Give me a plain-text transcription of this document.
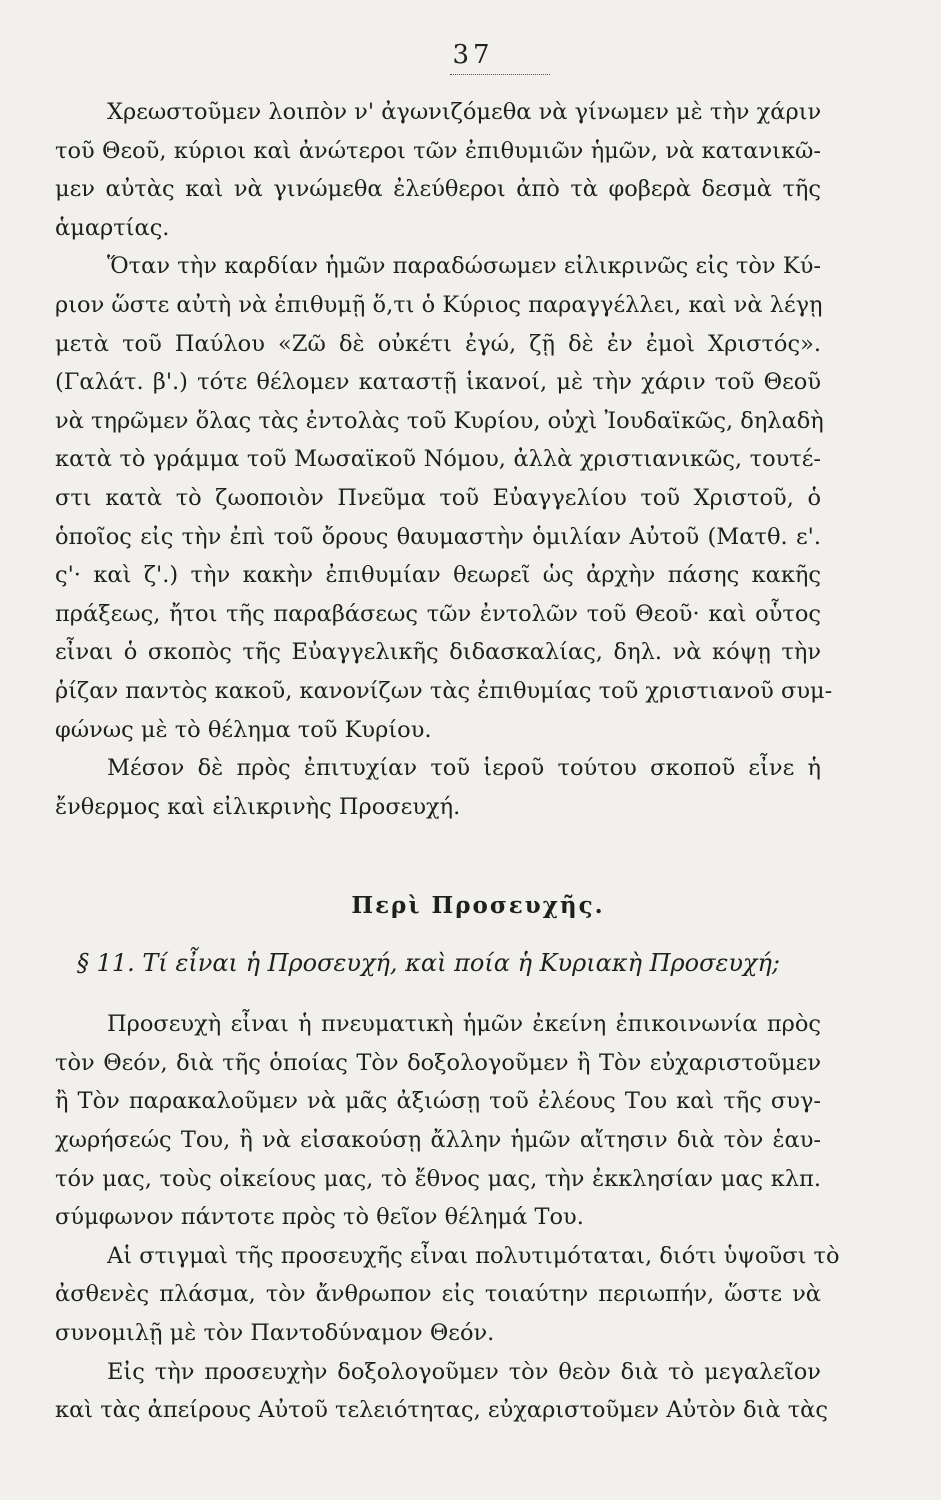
37
Χρεωστοῦμεν λοιπὸν ν' ἀγωνιζόμεθα νὰ γίνωμεν μὲ τὴν χάριν
τοῦ Θεοῦ, κύριοι καὶ ἀνώτεροι τῶν ἐπιθυμιῶν ἡμῶν, νὰ κατανικῶ-
μεν αὐτὰς καὶ νὰ γινώμεθα ἐλεύθεροι ἀπὸ τὰ φοβερὰ δεσμὰ τῆς
ἁμαρτίας.
Ὅταν τὴν καρδίαν ἡμῶν παραδώσωμεν εἰλικρινῶς εἰς τὸν Κύ-
ριον ὥστε αὐτὴ νὰ ἐπιθυμῇ ὅ,τι ὁ Κύριος παραγγέλλει, καὶ νὰ λέγῃ
μετὰ τοῦ Παύλου «Ζῶ δὲ οὐκέτι ἐγώ, ζῇ δὲ ἐν ἐμοὶ Χριστός».
(Γαλάτ. β'.) τότε θέλομεν καταστῇ ἱκανοί, μὲ τὴν χάριν τοῦ Θεοῦ
νὰ τηρῶμεν ὅλας τὰς ἐντολὰς τοῦ Κυρίου, οὐχὶ Ἰουδαϊκῶς, δηλαδὴ
κατὰ τὸ γράμμα τοῦ Μωσαϊκοῦ Νόμου, ἀλλὰ χριστιανικῶς, τουτέ-
στι κατὰ τὸ ζωοποιὸν Πνεῦμα τοῦ Εὐαγγελίου τοῦ Χριστοῦ, ὁ
ὁποῖος εἰς τὴν ἐπὶ τοῦ ὄρους θαυμαστὴν ὁμιλίαν Αὐτοῦ (Ματθ. ε'.
ς'· καὶ ζ'.) τὴν κακὴν ἐπιθυμίαν θεωρεῖ ὡς ἀρχὴν πάσης κακῆς
πράξεως, ἤτοι τῆς παραβάσεως τῶν ἐντολῶν τοῦ Θεοῦ· καὶ οὗτος
εἶναι ὁ σκοπὸς τῆς Εὐαγγελικῆς διδασκαλίας, δηλ. νὰ κόψῃ τὴν
ῥίζαν παντὸς κακοῦ, κανονίζων τὰς ἐπιθυμίας τοῦ χριστιανοῦ συμ-
φώνως μὲ τὸ θέλημα τοῦ Κυρίου.
Μέσον δὲ πρὸς ἐπιτυχίαν τοῦ ἱεροῦ τούτου σκοποῦ εἶνε ἡ
ἔνθερμος καὶ εἰλικρινὴς Προσευχή.
Περὶ Προσευχῆς.
§ 11. Τί εἶναι ἡ Προσευχή, καὶ ποία ἡ Κυριακὴ Προσευχή;
Προσευχὴ εἶναι ἡ πνευματικὴ ἡμῶν ἐκείνη ἐπικοινωνία πρὸς
τὸν Θεόν, διὰ τῆς ὁποίας Τὸν δοξολογοῦμεν ἢ Τὸν εὐχαριστοῦμεν
ἢ Τὸν παρακαλοῦμεν νὰ μᾶς ἀξιώσῃ τοῦ ἐλέους Του καὶ τῆς συγ-
χωρήσεώς Του, ἢ νὰ εἰσακούσῃ ἄλλην ἡμῶν αἴτησιν διὰ τὸν ἑαυ-
τόν μας, τοὺς οἰκείους μας, τὸ ἔθνος μας, τὴν ἐκκλησίαν μας κλπ.
σύμφωνον πάντοτε πρὸς τὸ θεῖον θέλημά Του.
Αἱ στιγμαὶ τῆς προσευχῆς εἶναι πολυτιμόταται, διότι ὑψοῦσι τὸ
ἀσθενὲς πλάσμα, τὸν ἄνθρωπον εἰς τοιαύτην περιωπήν, ὥστε νὰ
συνομιλῇ μὲ τὸν Παντοδύναμον Θεόν.
Εἰς τὴν προσευχὴν δοξολογοῦμεν τὸν θεὸν διὰ τὸ μεγαλεῖον
καὶ τὰς ἀπείρους Αὐτοῦ τελειότητας, εὐχαριστοῦμεν Αὐτὸν διὰ τὰς
